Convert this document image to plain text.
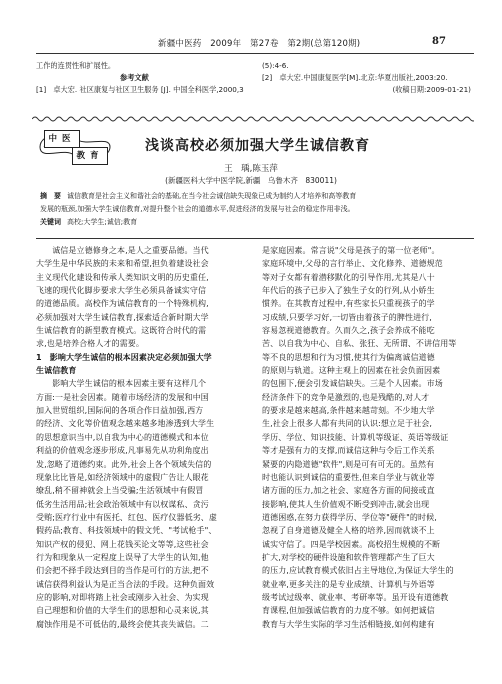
新疆中医药　2009年　第27卷　第2期(总第120期)	87
工作的连贯性和扩展性。
参考文献
[1]　卓大宏. 社区康复与社区卫生服务 [J]. 中国全科医学,2000,3
(5):4-6.
[2]　卓大宏.中国康复医学[M].北京:华夏出版社,2003:20.
(收稿日期:2009-01-21)
中医
教育
浅谈高校必须加强大学生诚信教育
王　瑀,陈玉萍
(新疆医科大学中医学院,新疆　乌鲁木齐　830011)
摘　要 诚信教育是社会主义和谐社会的基础,在当今社会诚信缺失现象已成为制约人才培养和高等教育
发展的瓶颈,加强大学生诚信教育,对提升整个社会的道德水平,促进经济的发展与社会的稳定作用非浅。
关键词 高校;大学生;诚信;教育
　　诚信是立德修身之本,是人之重要品德。当代
大学生是中华民族的未来和希望,担负着建设社会
主义现代化建设和传承人类知识文明的历史重任,
飞速的现代化脚步要求大学生必须具备诚实守信
的道德品质。高校作为诚信教育的一个特殊机构,
必须加强对大学生诚信教育,探索适合新时期大学
生诚信教育的新型教育模式。这既符合时代的需
求,也是培养合格人才的需要。
1　影响大学生诚信的根本因素决定必须加强大学
生诚信教育
　　影响大学生诚信的根本因素主要有这样几个
方面:一是社会因素。随着市场经济的发展和中国
加入世贸组织,国际间的各项合作日益加强,西方
的经济、文化等价值观念越来越多地渗透到大学生
的思想意识当中,以自我为中心的道德模式和本位
利益的价值观念逐步形成,凡事易先从功利角度出
发,忽略了道德约束。此外,社会上各个领域失信的
现象比比皆是,如经济领域中的虚假广告让人眼花
缭乱,稍不留神就会上当受骗;生活领域中有假冒
低劣生活用品;社会政治领域中有以权谋私、贪污
受贿;医疗行业中有医托、红包、医疗仪器低劣、虚
假药品;教育、科技领域中的假文凭、"考试枪手"、
知识产权的侵犯、网上花钱买论文等等,这些社会
行为和现象从一定程度上误导了大学生的认知,他
们会把不择手段达到目的当作是可行的方法,把不
诚信获得利益认为是正当合法的手段。这种负面效
应的影响,对即将踏上社会或刚步入社会、为实现
自己理想和价值的大学生们的思想和心灵来说,其
腐蚀作用是不可低估的,最终会使其丧失诚信。二
是家庭因素。常言说"父母是孩子的第一位老师"。
家庭环境中,父母的言行举止、文化修养、道德规范
等对子女都有着潜移默化的引导作用,尤其是八十
年代后的孩子已步入了独生子女的行列,从小娇生
惯养。在其教育过程中,有些家长只重视孩子的学
习成绩,只要学习好,一切皆由着孩子的脾性进行,
容易忽视道德教育。久而久之,孩子会养成不能吃
苦、以自我为中心、自私、张狂、无所谓、不讲信用等
等不良的思想和行为习惯,使其行为偏离诚信道德
的原则与轨道。这种主观上的因素在社会负面因素
的包围下,便会引发诚信缺失。三是个人因素。市场
经济条件下的竞争是激烈的,也是残酷的,对人才
的要求是越来越高,条件越来越苛刻。不少地大学
生,社会上很多人都有共同的认识:想立足于社会,
学历、学位、知识技能、计算机等级证、英语等级证
等才是强有力的支撑,而诚信这种与令后工作关系
紧要的内隐道德"软件",则是可有可无的。虽然有
时也能认识到诚信的重要性,但来自学业与就业等
诸方面的压力,加之社会、家庭各方面的间接或直
接影响,使其人生价值观不断受到冲击,就会出现
道德困惑,在努力获得学历、学位等"硬件"的时候,
忽视了自身道德及健全人格的培养,因而就谈不上
诚实守信了。四是学校因素。高校招生规模的不断
扩大,对学校的硬件设施和软件管理都产生了巨大
的压力,应试教育模式依旧占主导地位,为保证大学生的
就业率,更多关注的是专业成绩、计算机与外语等
级考试过级率、就业率、考研率等。虽开设有道德教
育课程,但加强诚信教育的力度不够。如何把诚信
教育与大学生实际的学习生活相链接,如何构建有
